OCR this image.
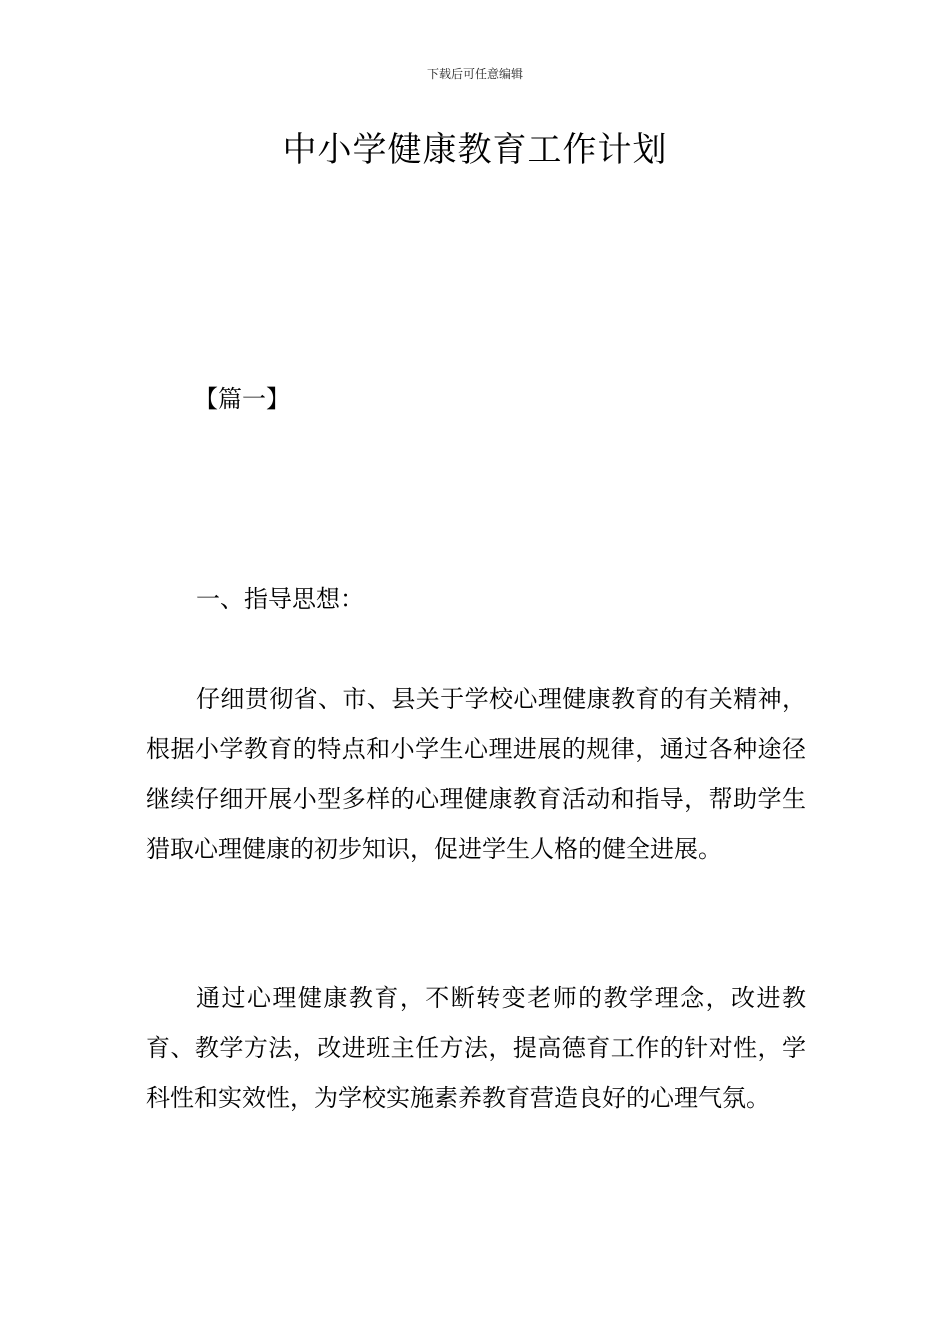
下载后可任意编辑
中小学健康教育工作计划
【篇一】
一、指导思想：

仔细贯彻省、市、县关于学校心理健康教育的有关精神，根据小学教育的特点和小学生心理进展的规律，通过各种途径继续仔细开展小型多样的心理健康教育活动和指导，帮助学生猎取心理健康的初步知识，促进学生人格的健全进展。

通过心理健康教育，不断转变老师的教学理念，改进教育、教学方法，改进班主任方法，提高德育工作的针对性，学科性和实效性，为学校实施素养教育营造良好的心理气氛。
